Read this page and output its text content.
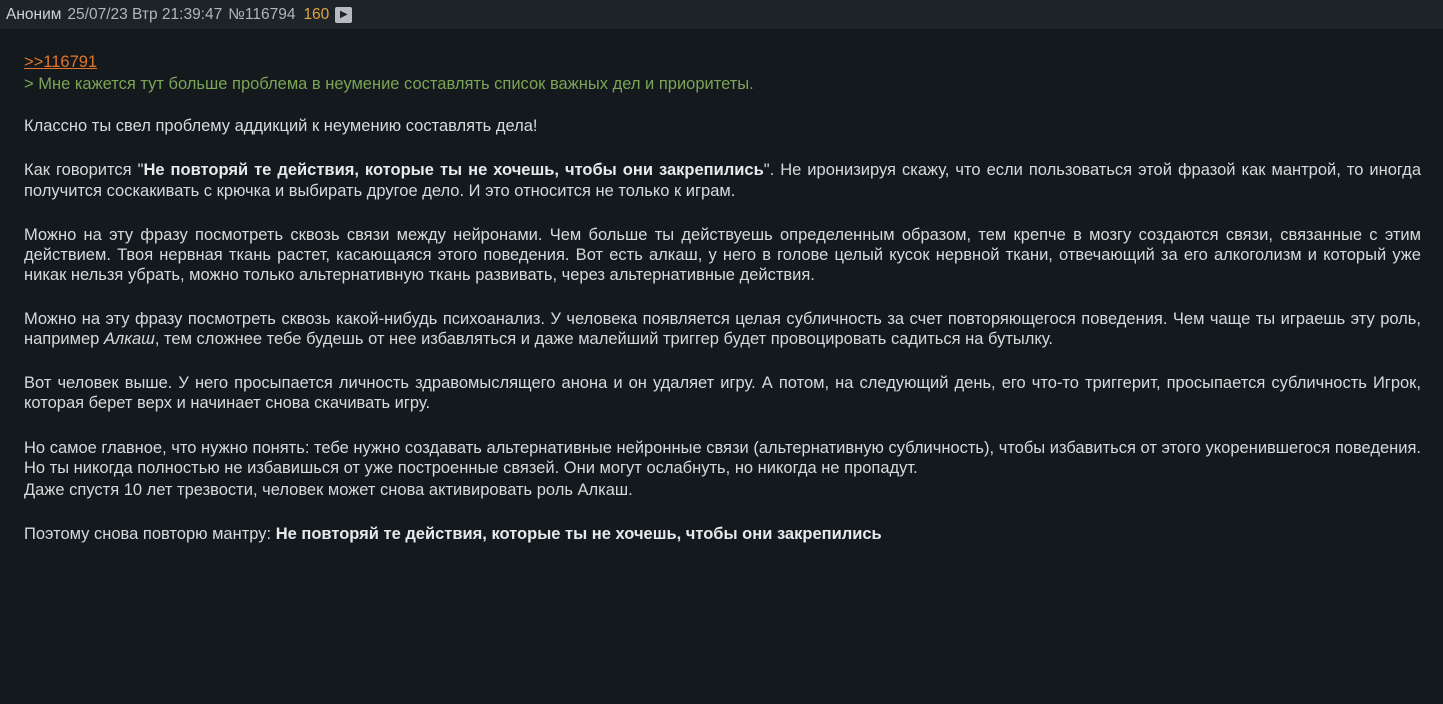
Аноним 25/07/23 Втр 21:39:47 №116794 160	▶
>>116791
> Мне кажется тут больше проблема в неумение составлять список важных дел и приоритеты.

Классно ты свел проблему аддикций к неумению составлять дела!

Как говорится "Не повторяй те действия, которые ты не хочешь, чтобы они закрепились". Не иронизируя скажу, что если пользоваться этой фразой как мантрой, то иногда получится соскакивать с крючка и выбирать другое дело. И это относится не только к играм.

Можно на эту фразу посмотреть сквозь связи между нейронами. Чем больше ты действуешь определенным образом, тем крепче в мозгу создаются связи, связанные с этим действием. Твоя нервная ткань растет, касающаяся этого поведения. Вот есть алкаш, у него в голове целый кусок нервной ткани, отвечающий за его алкоголизм и который уже никак нельзя убрать, можно только альтернативную ткань развивать, через альтернативные действия.

Можно на эту фразу посмотреть сквозь какой-нибудь психоанализ. У человека появляется целая субличность за счет повторяющегося поведения. Чем чаще ты играешь эту роль, например Алкаш, тем сложнее тебе будешь от нее избавляться и даже малейший триггер будет провоцировать садиться на бутылку.

Вот человек выше. У него просыпается личность здравомыслящего анона и он удаляет игру. А потом, на следующий день, его что-то триггерит, просыпается субличность Игрок, которая берет верх и начинает снова скачивать игру.

Но самое главное, что нужно понять: тебе нужно создавать альтернативные нейронные связи (альтернативную субличность), чтобы избавиться от этого укоренившегося поведения. Но ты никогда полностью не избавишься от уже построенные связей. Они могут ослабнуть, но никогда не пропадут.

Даже спустя 10 лет трезвости, человек может снова активировать роль Алкаш.

Поэтому снова повторю мантру: Не повторяй те действия, которые ты не хочешь, чтобы они закрепились
